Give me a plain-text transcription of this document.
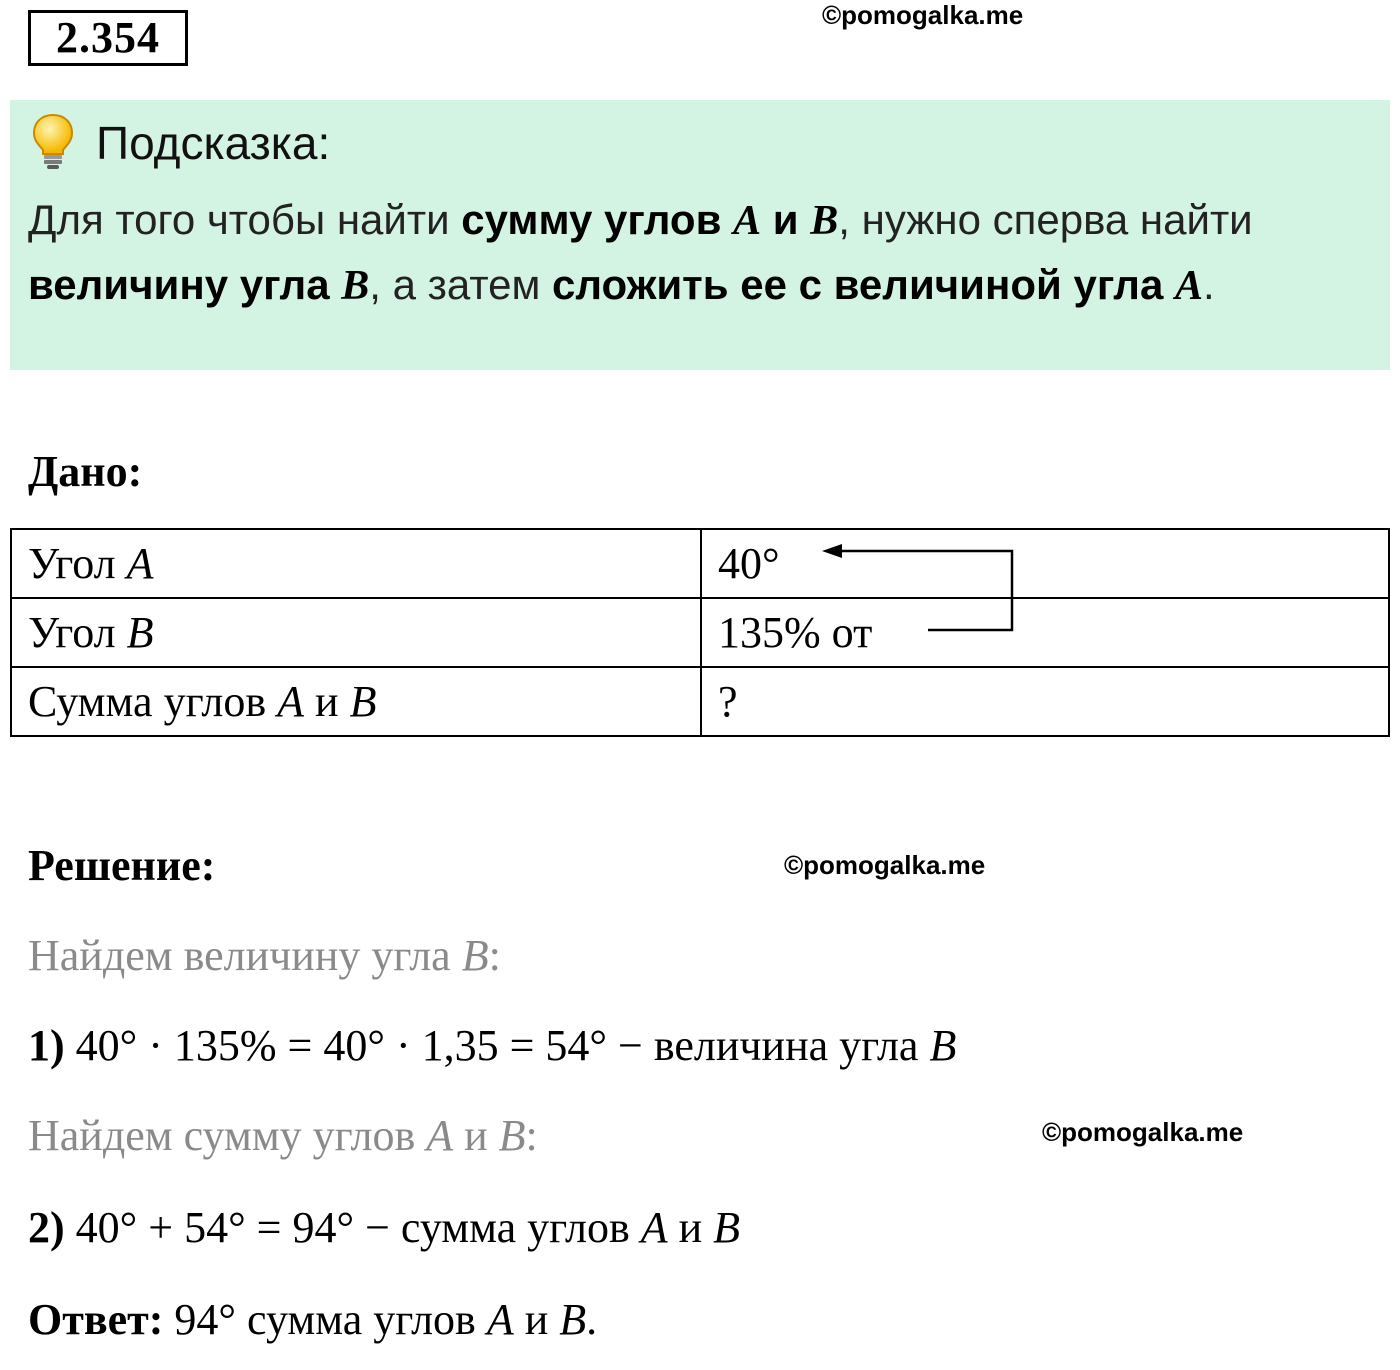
2.354	©pomogalka.me
Подсказка:
Для того чтобы найти сумму углов A и B, нужно сперва найти
величину угла B, а затем сложить ее с величиной угла A.
Дано:
Угол A	40°
Угол B	135% от
Сумма углов A и B	?
Решение:	©pomogalka.me
Найдем величину угла B:
1) 40° · 135% = 40° · 1,35 = 54° − величина угла B
Найдем сумму углов A и B:	©pomogalka.me
2) 40° + 54° = 94° − сумма углов A и B
Ответ: 94° сумма углов A и B.
